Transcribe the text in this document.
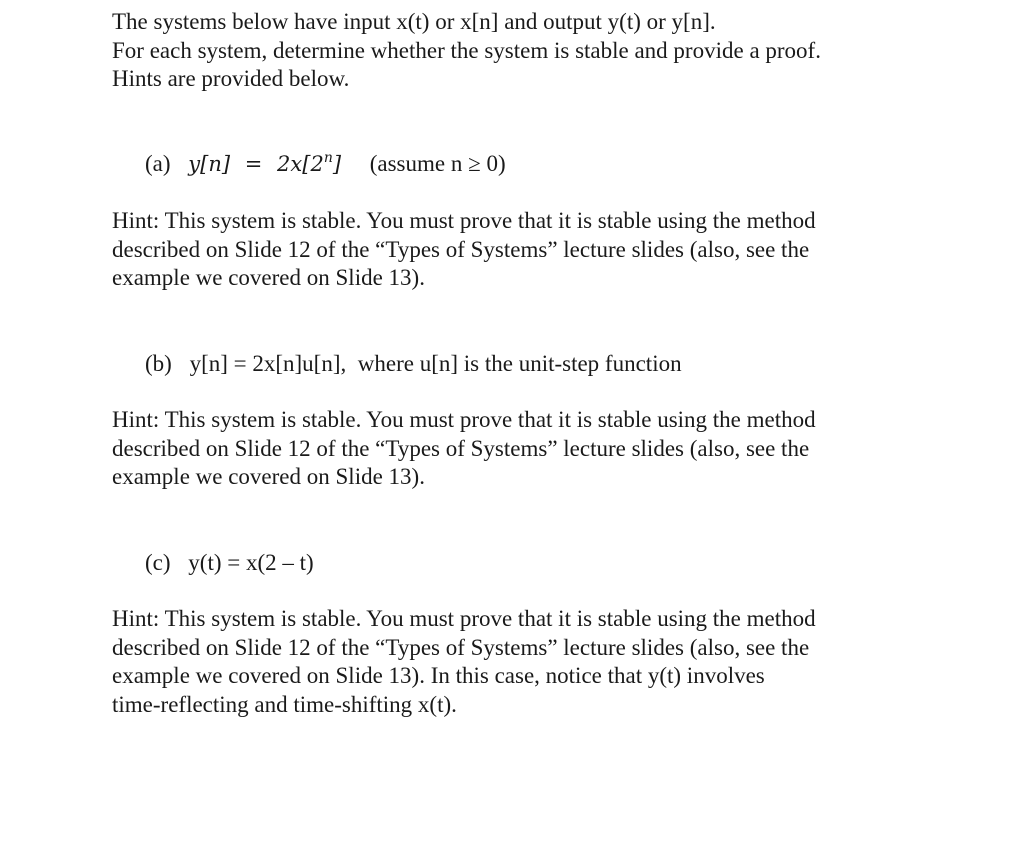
The systems below have input x(t) or x[n] and output y(t) or y[n].
For each system, determine whether the system is stable and provide a proof.
Hints are provided below.
(a) $y[n] = 2x[2^n]$ (assume n ≥ 0)
Hint: This system is stable. You must prove that it is stable using the method
described on Slide 12 of the “Types of Systems” lecture slides (also, see the
example we covered on Slide 13).
(b) y[n] = 2x[n]u[n],  where u[n] is the unit-step function
Hint: This system is stable. You must prove that it is stable using the method
described on Slide 12 of the “Types of Systems” lecture slides (also, see the
example we covered on Slide 13).
(c) y(t) = x(2 – t)
Hint: This system is stable. You must prove that it is stable using the method
described on Slide 12 of the “Types of Systems” lecture slides (also, see the
example we covered on Slide 13). In this case, notice that y(t) involves
time-reflecting and time-shifting x(t).
